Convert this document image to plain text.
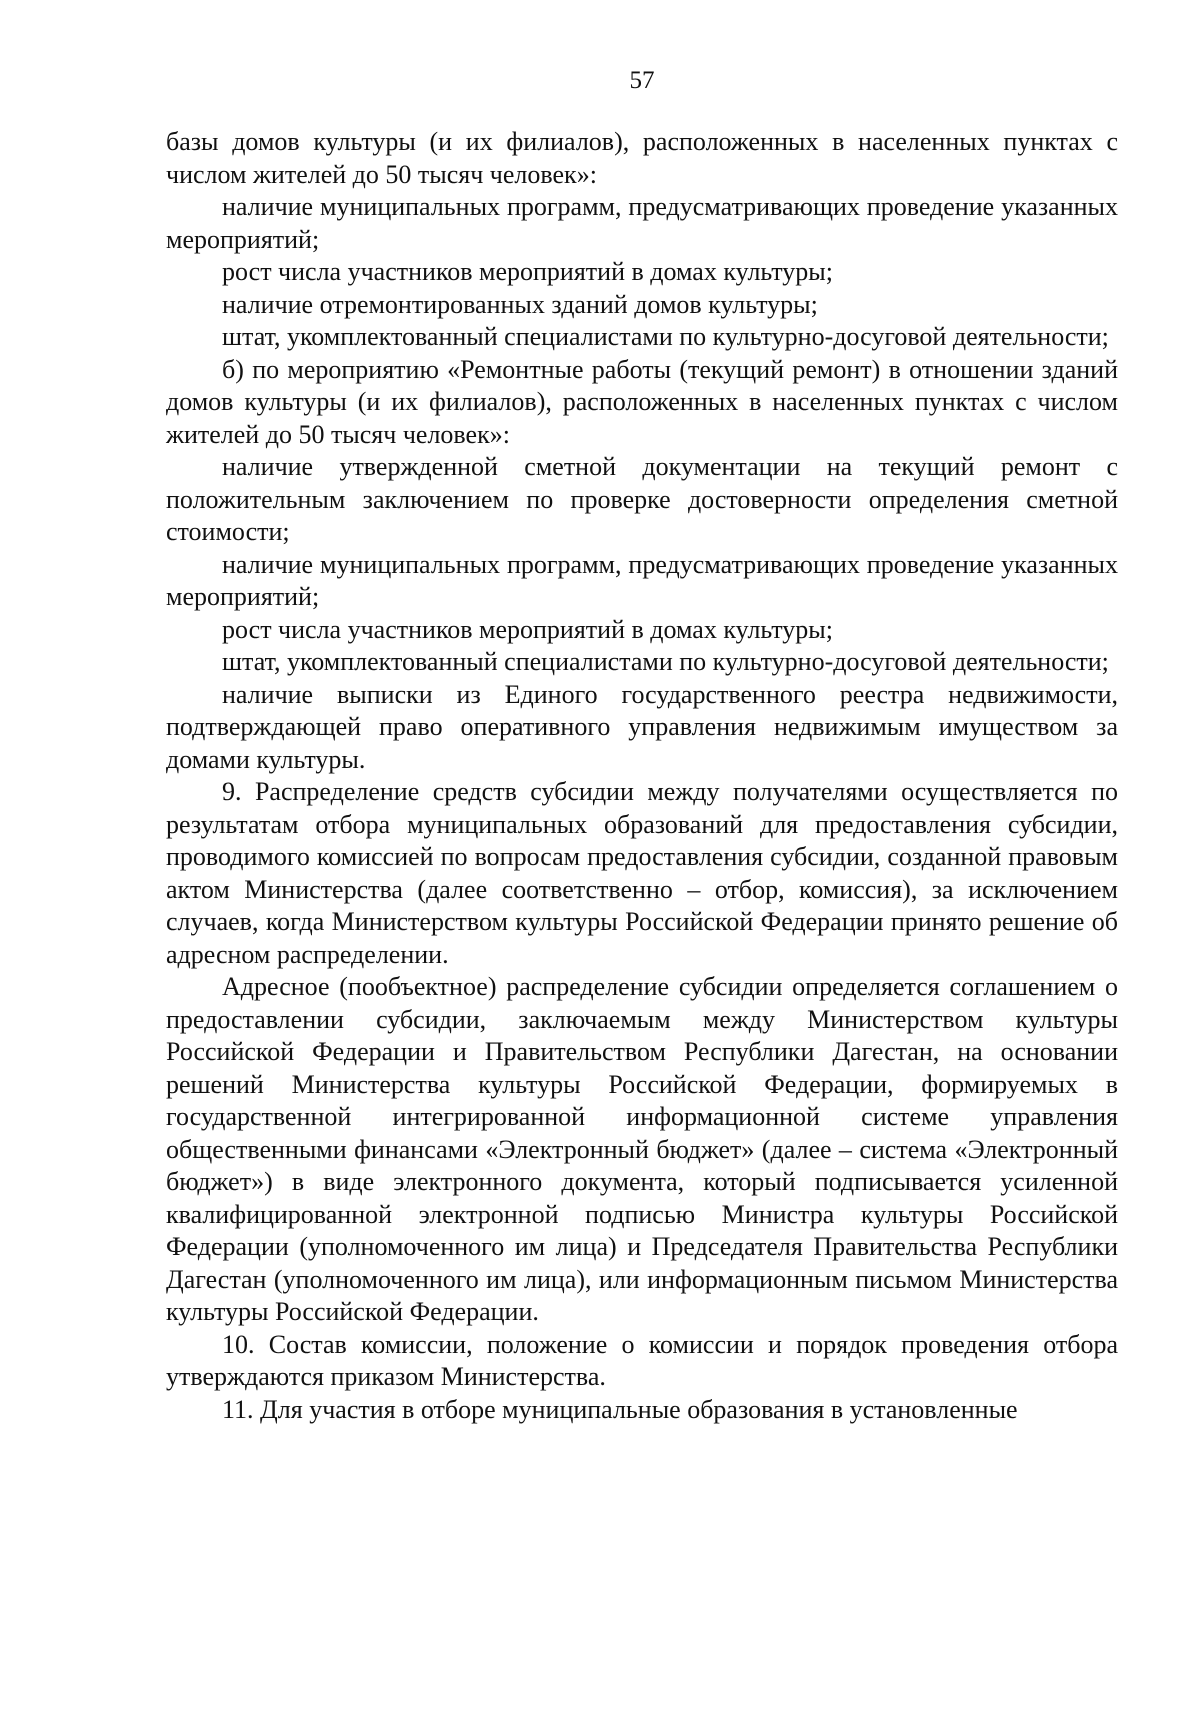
57

базы домов культуры (и их филиалов), расположенных в населенных пунктах с числом жителей до 50 тысяч человек»:

наличие муниципальных программ, предусматривающих проведение указанных мероприятий;

рост числа участников мероприятий в домах культуры;

наличие отремонтированных зданий домов культуры;

штат, укомплектованный специалистами по культурно-досуговой деятельности;

б) по мероприятию «Ремонтные работы (текущий ремонт) в отношении зданий домов культуры (и их филиалов), расположенных в населенных пунктах с числом жителей до 50 тысяч человек»:

наличие утвержденной сметной документации на текущий ремонт с положительным заключением по проверке достоверности определения сметной стоимости;

наличие муниципальных программ, предусматривающих проведение указанных мероприятий;

рост числа участников мероприятий в домах культуры;

штат, укомплектованный специалистами по культурно-досуговой деятельности;

наличие выписки из Единого государственного реестра недвижимости, подтверждающей право оперативного управления недвижимым имуществом за домами культуры.

9. Распределение средств субсидии между получателями осуществляется по результатам отбора муниципальных образований для предоставления субсидии, проводимого комиссией по вопросам предоставления субсидии, созданной правовым актом Министерства (далее соответственно – отбор, комиссия), за исключением случаев, когда Министерством культуры Российской Федерации принято решение об адресном распределении.

Адресное (пообъектное) распределение субсидии определяется соглашением о предоставлении субсидии, заключаемым между Министерством культуры Российской Федерации и Правительством Республики Дагестан, на основании решений Министерства культуры Российской Федерации, формируемых в государственной интегрированной информационной системе управления общественными финансами «Электронный бюджет» (далее – система «Электронный бюджет») в виде электронного документа, который подписывается усиленной квалифицированной электронной подписью Министра культуры Российской Федерации (уполномоченного им лица) и Председателя Правительства Республики Дагестан (уполномоченного им лица), или информационным письмом Министерства культуры Российской Федерации.

10. Состав комиссии, положение о комиссии и порядок проведения отбора утверждаются приказом Министерства.

11. Для участия в отборе муниципальные образования в установленные
